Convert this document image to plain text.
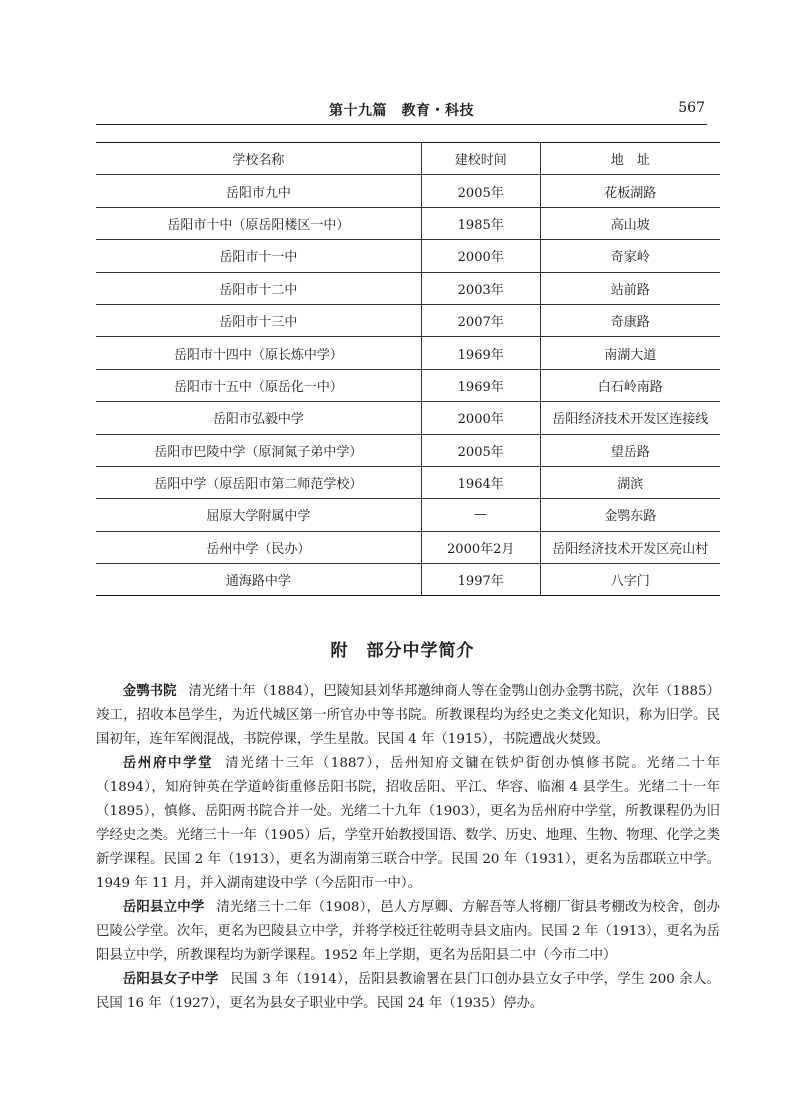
第十九篇　教育・科技	567
学校名称	建校时间	地　址
岳阳市九中	2005年	花板湖路
岳阳市十中（原岳阳楼区一中）	1985年	高山坡
岳阳市十一中	2000年	奇家岭
岳阳市十二中	2003年	站前路
岳阳市十三中	2007年	奇康路
岳阳市十四中（原长炼中学）	1969年	南湖大道
岳阳市十五中（原岳化一中）	1969年	白石岭南路
岳阳市弘毅中学	2000年	岳阳经济技术开发区连接线
岳阳市巴陵中学（原洞氮子弟中学）	2005年	望岳路
岳阳中学（原岳阳市第二师范学校）	1964年	湖滨
屈原大学附属中学	—	金鹗东路
岳州中学（民办）	2000年2月	岳阳经济技术开发区亮山村
通海路中学	1997年	八字门
附　部分中学简介

金鹗书院 清光绪十年（1884），巴陵知县刘华邦邀绅商人等在金鹗山创办金鹗书院，次年（1885）竣工，招收本邑学生，为近代城区第一所官办中等书院。所教课程均为经史之类文化知识，称为旧学。民国初年，连年军阀混战，书院停课，学生星散。民国 4 年（1915），书院遭战火焚毁。

岳州府中学堂 清光绪十三年（1887），岳州知府文镛在铁炉街创办慎修书院。光绪二十年（1894），知府钟英在学道岭街重修岳阳书院，招收岳阳、平江、华容、临湘 4 县学生。光绪二十一年（1895），慎修、岳阳两书院合并一处。光绪二十九年（1903），更名为岳州府中学堂，所教课程仍为旧学经史之类。光绪三十一年（1905）后，学堂开始教授国语、数学、历史、地理、生物、物理、化学之类新学课程。民国 2 年（1913），更名为湖南第三联合中学。民国 20 年（1931），更名为岳郡联立中学。1949 年 11 月，并入湖南建设中学（今岳阳市一中）。

岳阳县立中学 清光绪三十二年（1908），邑人方厚卿、方解吾等人将棚厂街县考棚改为校舍，创办巴陵公学堂。次年，更名为巴陵县立中学，并将学校迁往乾明寺县文庙内。民国 2 年（1913），更名为岳阳县立中学，所教课程均为新学课程。1952 年上学期，更名为岳阳县二中（今市二中）

岳阳县女子中学 民国 3 年（1914），岳阳县教谕署在县门口创办县立女子中学，学生 200 余人。民国 16 年（1927），更名为县女子职业中学。民国 24 年（1935）停办。
